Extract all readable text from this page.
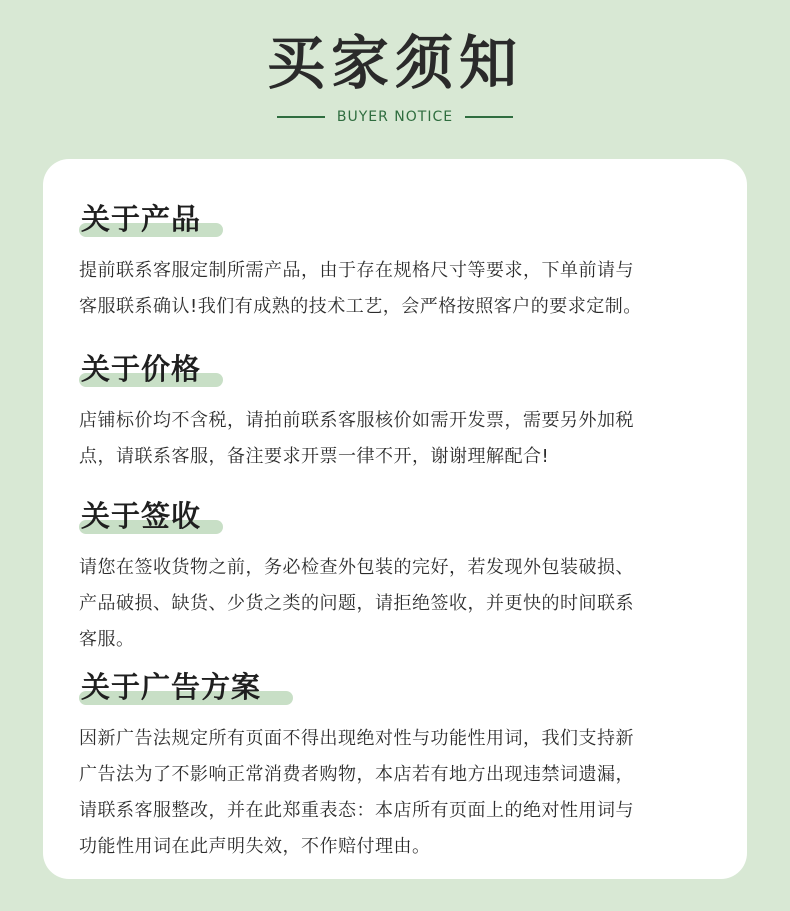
买家须知
BUYER NOTICE
关于产品
提前联系客服定制所需产品，由于存在规格尺寸等要求，下单前请与
客服联系确认!我们有成熟的技术工艺，会严格按照客户的要求定制。
关于价格
店铺标价均不含税，请拍前联系客服核价如需开发票，需要另外加税
点，请联系客服，备注要求开票一律不开，谢谢理解配合!
关于签收
请您在签收货物之前，务必检查外包装的完好，若发现外包装破损、
产品破损、缺货、少货之类的问题，请拒绝签收，并更快的时间联系
客服。
关于广告方案
因新广告法规定所有页面不得出现绝对性与功能性用词，我们支持新
广告法为了不影响正常消费者购物，本店若有地方出现违禁词遗漏，
请联系客服整改，并在此郑重表态：本店所有页面上的绝对性用词与
功能性用词在此声明失效，不作赔付理由。
